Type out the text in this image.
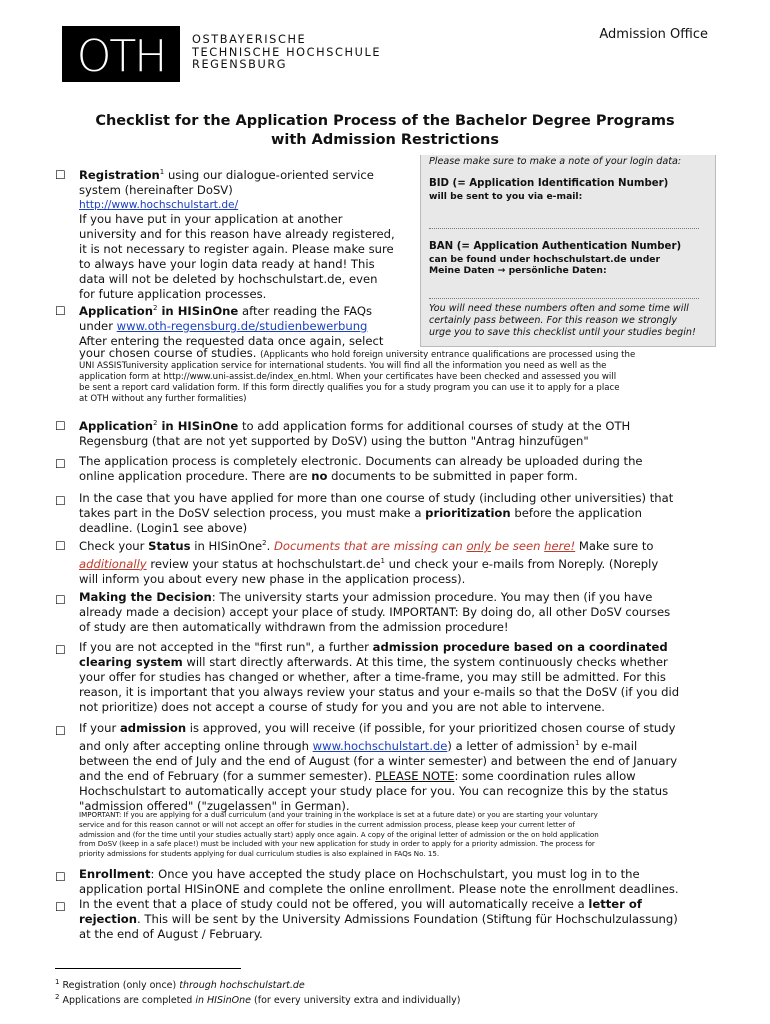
OTH OSTBAYERISCHE
TECHNISCHE HOCHSCHULE
REGENSBURG
Admission Office
Checklist for the Application Process of the Bachelor Degree Programs
with Admission Restrictions
Please make sure to make a note of your login data:
BID (= Application Identification Number)
will be sent to you via e-mail:
BAN (= Application Authentication Number)
can be found under hochschulstart.de under
Meine Daten → persönliche Daten:
You will need these numbers often and some time will
certainly pass between. For this reason we strongly
urge you to save this checklist until your studies begin!
☐ Registration$^1$ using our dialogue-oriented service
system (hereinafter DoSV)
http://www.hochschulstart.de/
If you have put in your application at another
university and for this reason have already registered,
it is not necessary to register again. Please make sure
to always have your login data ready at hand! This
data will not be deleted by hochschulstart.de, even
for future application processes.
☐ Application$^2$ in HISinOne after reading the FAQs
under www.oth-regensburg.de/studienbewerbung
After entering the requested data once again, select
your chosen course of studies. (Applicants who hold foreign university entrance qualifications are processed using the
UNI ASSISTuniversity application service for international students. You will find all the information you need as well as the
application form at http://www.uni-assist.de/index_en.html. When your certificates have been checked and assessed you will
be sent a report card validation form. If this form directly qualifies you for a study program you can use it to apply for a place
at OTH without any further formalities)
☐ Application$^2$ in HISinOne to add application forms for additional courses of study at the OTH
Regensburg (that are not yet supported by DoSV) using the button "Antrag hinzufügen"
☐ The application process is completely electronic. Documents can already be uploaded during the
online application procedure. There are no documents to be submitted in paper form.
☐ In the case that you have applied for more than one course of study (including other universities) that
takes part in the DoSV selection process, you must make a prioritization before the application
deadline. (Login1 see above)
☐ Check your Status in HISinOne$^2$. Documents that are missing can only be seen here! Make sure to
additionally review your status at $hochschulstart.de^1$ und check your e-mails from Noreply. (Noreply
will inform you about every new phase in the application process).
☐ Making the Decision: The university starts your admission procedure. You may then (if you have
already made a decision) accept your place of study. IMPORTANT: By doing do, all other DoSV courses
of study are then automatically withdrawn from the admission procedure!
☐ If you are not accepted in the "first run", a further admission procedure based on a coordinated
clearing system will start directly afterwards. At this time, the system continuously checks whether
your offer for studies has changed or whether, after a time-frame, you may still be admitted. For this
reason, it is important that you always review your status and your e-mails so that the DoSV (if you did
not prioritize) does not accept a course of study for you and you are not able to intervene.
☐ If your admission is approved, you will receive (if possible, for your prioritized chosen course of study
and only after accepting online through www.hochschulstart.de) a letter of admission$^1$ by e-mail
between the end of July and the end of August (for a winter semester) and between the end of January
and the end of February (for a summer semester). PLEASE NOTE: some coordination rules allow
Hochschulstart to automatically accept your study place for you. You can recognize this by the status
"admission offered" ("zugelassen" in German).
IMPORTANT: If you are applying for a dual curriculum (and your training in the workplace is set at a future date) or you are starting your voluntary
service and for this reason cannot or will not accept an offer for studies in the current admission process, please keep your current letter of
admission and (for the time until your studies actually start) apply once again. A copy of the original letter of admission or the on hold application
from DoSV (keep in a safe place!) must be included with your new application for study in order to apply for a priority admission. The process for
priority admissions for students applying for dual curriculum studies is also explained in FAQs No. 15.
☐ Enrollment: Once you have accepted the study place on Hochschulstart, you must log in to the
application portal HISinONE and complete the online enrollment. Please note the enrollment deadlines.
☐ In the event that a place of study could not be offered, you will automatically receive a letter of
rejection. This will be sent by the University Admissions Foundation (Stiftung für Hochschulzulassung)
at the end of August / February.
$^1$ Registration (only once) through hochschulstart.de
$^2$ Applications are completed in HISinOne (for every university extra and individually)
